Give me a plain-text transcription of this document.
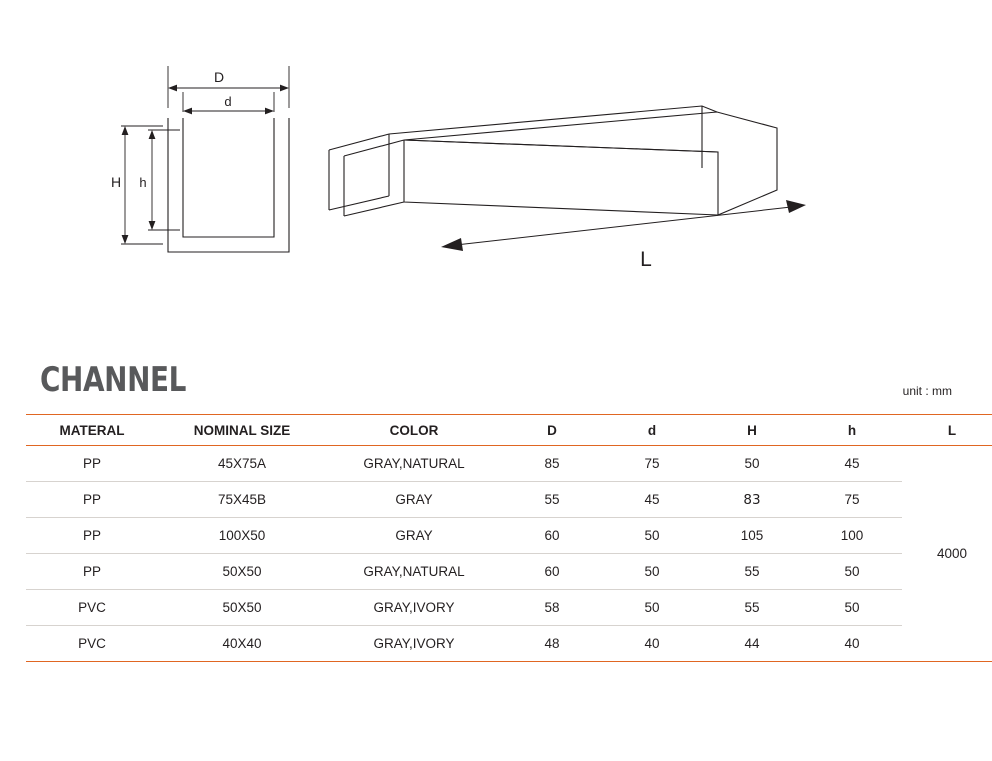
D
d
H h
L
CHANNEL	unit : mm
MATERAL	NOMINAL SIZE	COLOR	D	d	H	h	L
PP	45X75A	GRAY,NATURAL	85	75	50	45	4000
PP	75X45B	GRAY	55	45	83	75	
PP	100X50	GRAY	60	50	105	100	
PP	50X50	GRAY,NATURAL	60	50	55	50	
PVC	50X50	GRAY,IVORY	58	50	55	50	
PVC	40X40	GRAY,IVORY	48	40	44	40	
